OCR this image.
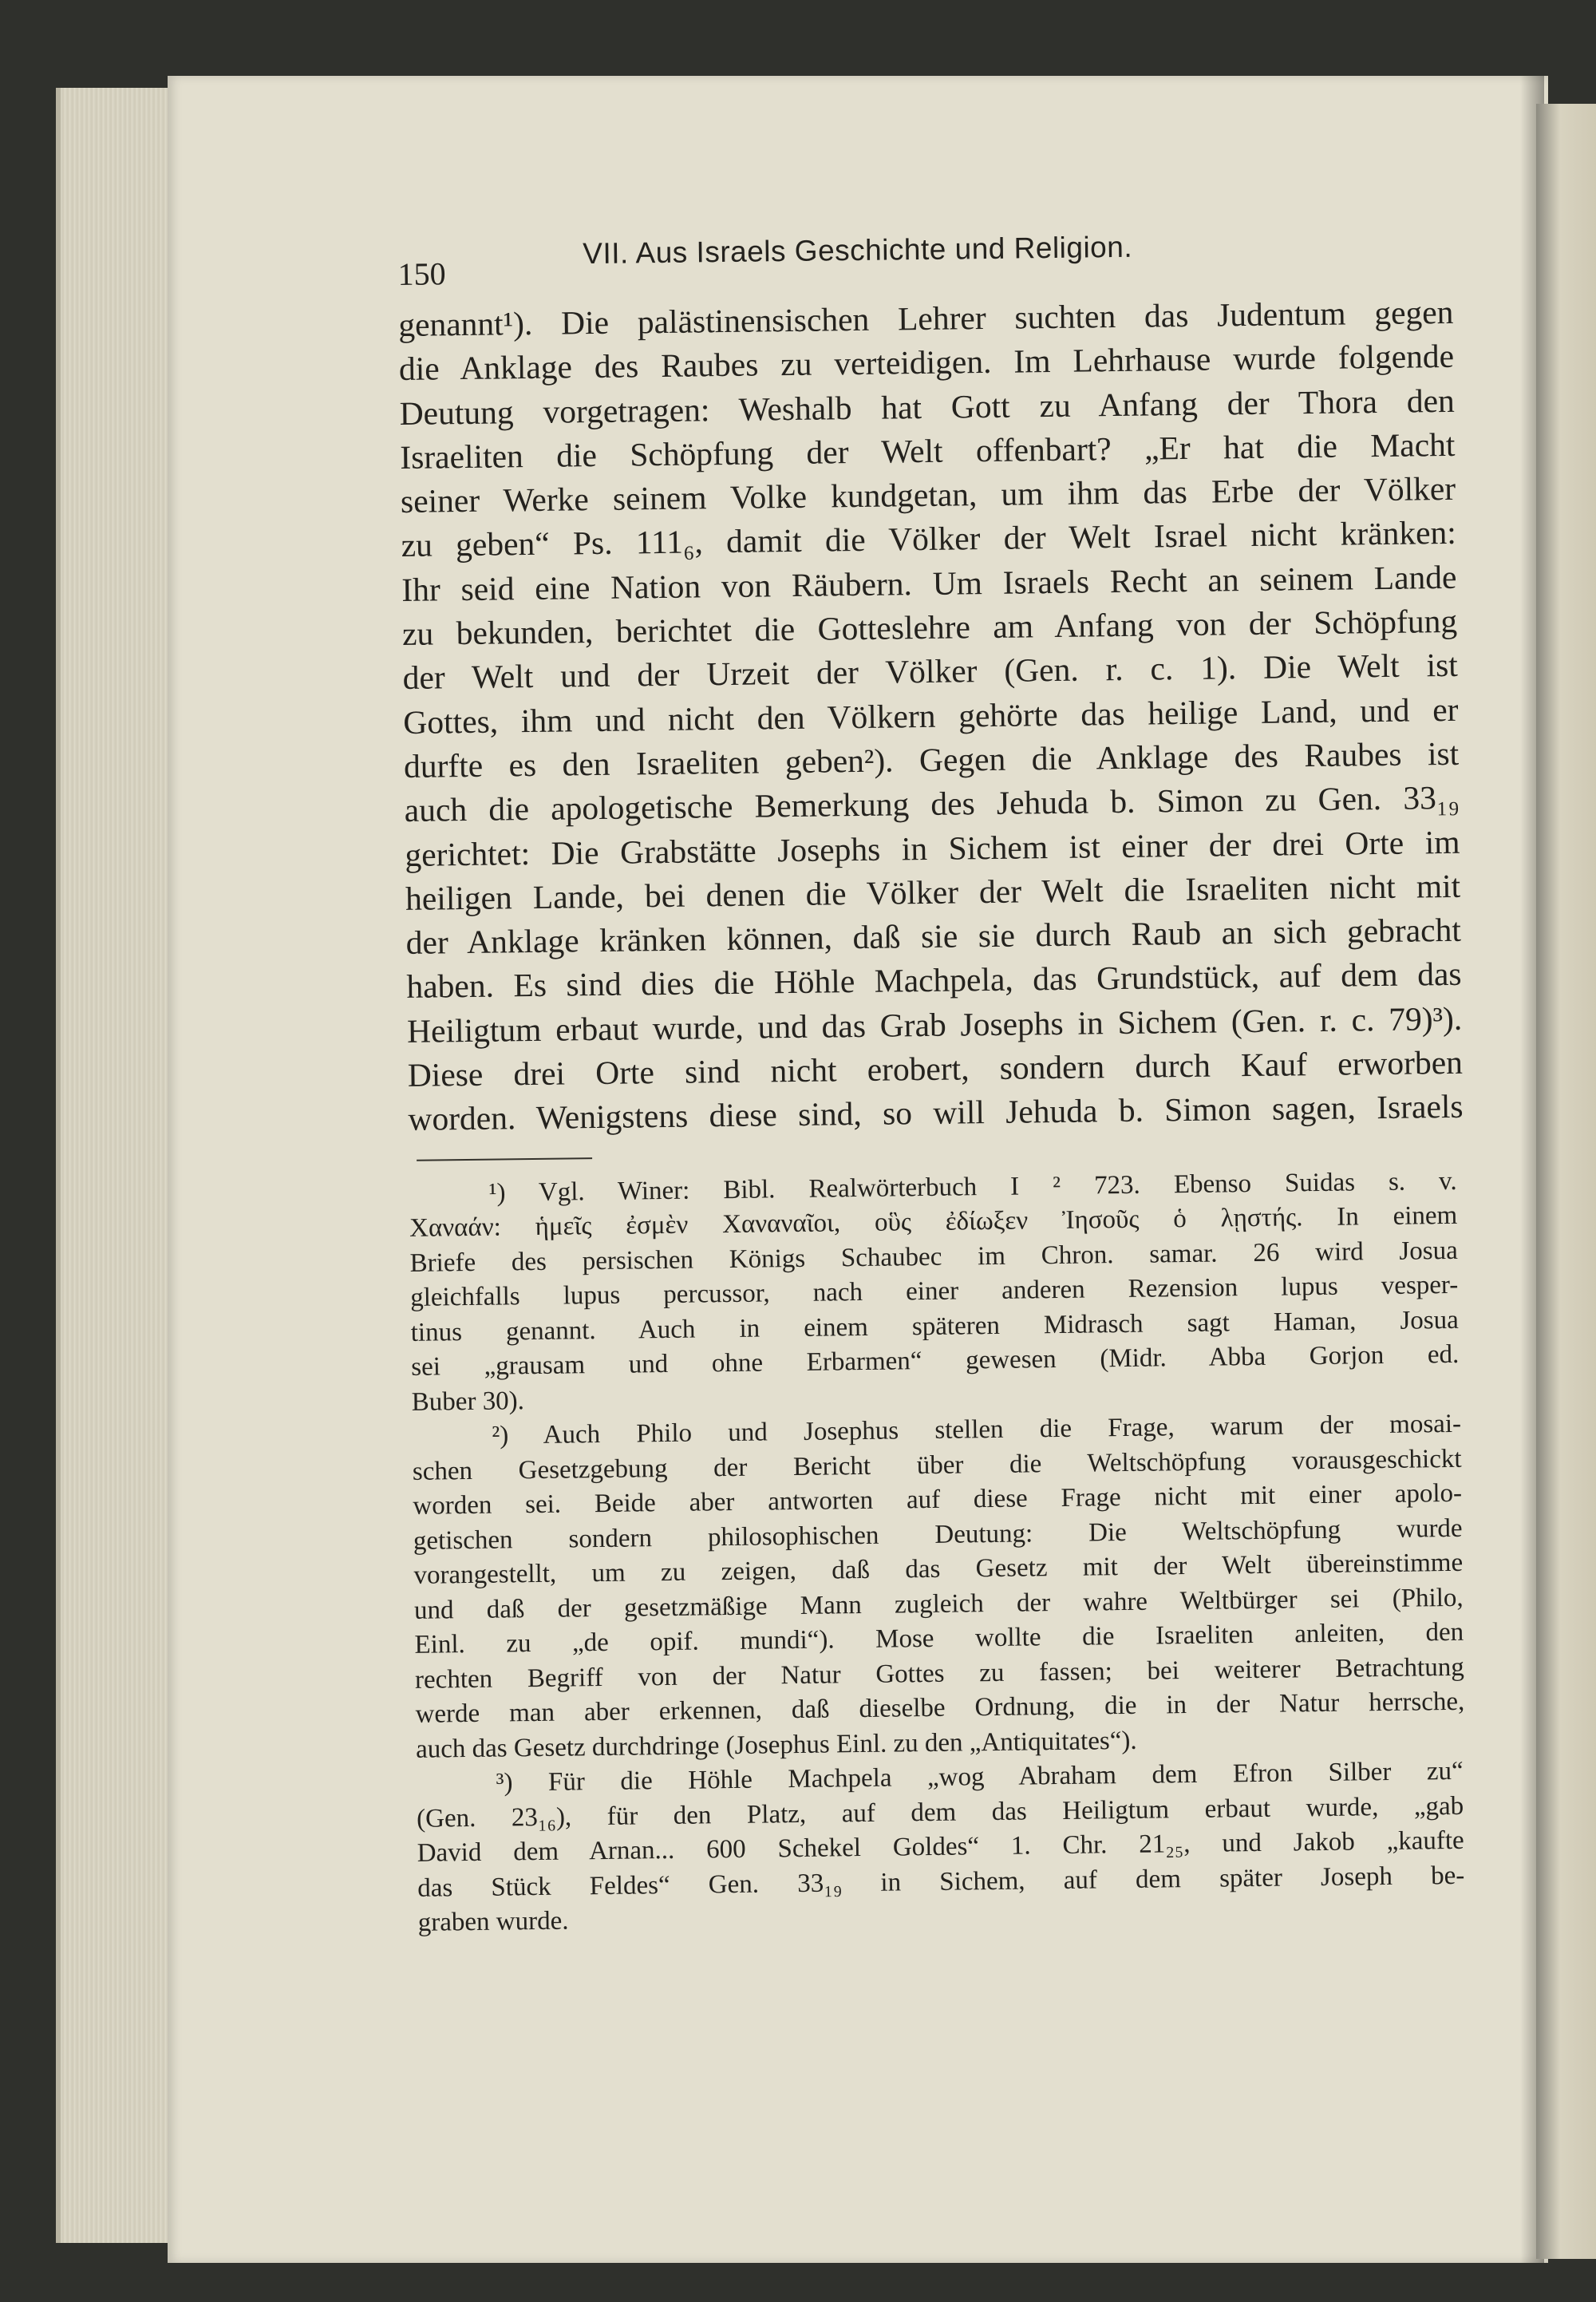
150
VII. Aus Israels Geschichte und Religion.
genannt¹). Die palästinensischen Lehrer suchten das Judentum gegen
die Anklage des Raubes zu verteidigen. Im Lehrhause wurde folgende
Deutung vorgetragen: Weshalb hat Gott zu Anfang der Thora den
Israeliten die Schöpfung der Welt offenbart? „Er hat die Macht
seiner Werke seinem Volke kundgetan, um ihm das Erbe der Völker
zu geben“ Ps. 111₆, damit die Völker der Welt Israel nicht kränken:
Ihr seid eine Nation von Räubern. Um Israels Recht an seinem Lande
zu bekunden, berichtet die Gotteslehre am Anfang von der Schöpfung
der Welt und der Urzeit der Völker (Gen. r. c. 1). Die Welt ist
Gottes, ihm und nicht den Völkern gehörte das heilige Land, und er
durfte es den Israeliten geben²). Gegen die Anklage des Raubes ist
auch die apologetische Bemerkung des Jehuda b. Simon zu Gen. 33₁₉
gerichtet: Die Grabstätte Josephs in Sichem ist einer der drei Orte im
heiligen Lande, bei denen die Völker der Welt die Israeliten nicht mit
der Anklage kränken können, daß sie sie durch Raub an sich gebracht
haben. Es sind dies die Höhle Machpela, das Grundstück, auf dem das
Heiligtum erbaut wurde, und das Grab Josephs in Sichem (Gen. r. c. 79)³).
Diese drei Orte sind nicht erobert, sondern durch Kauf erworben
worden. Wenigstens diese sind, so will Jehuda b. Simon sagen, Israels
¹) Vgl. Winer: Bibl. Realwörterbuch I ² 723. Ebenso Suidas s. v.
Χαναάν: ἡμεῖς ἐσμὲν Χαναναῖοι, οὓς ἐδίωξεν Ἰησοῦς ὁ λῃστής. In einem
Briefe des persischen Königs Schaubec im Chron. samar. 26 wird Josua
gleichfalls lupus percussor, nach einer anderen Rezension lupus vesper-
tinus genannt. Auch in einem späteren Midrasch sagt Haman, Josua
sei „grausam und ohne Erbarmen“ gewesen (Midr. Abba Gorjon ed.
Buber 30).
²) Auch Philo und Josephus stellen die Frage, warum der mosai-
schen Gesetzgebung der Bericht über die Weltschöpfung vorausgeschickt
worden sei. Beide aber antworten auf diese Frage nicht mit einer apolo-
getischen sondern philosophischen Deutung: Die Weltschöpfung wurde
vorangestellt, um zu zeigen, daß das Gesetz mit der Welt übereinstimme
und daß der gesetzmäßige Mann zugleich der wahre Weltbürger sei (Philo,
Einl. zu „de opif. mundi“). Mose wollte die Israeliten anleiten, den
rechten Begriff von der Natur Gottes zu fassen; bei weiterer Betrachtung
werde man aber erkennen, daß dieselbe Ordnung, die in der Natur herrsche,
auch das Gesetz durchdringe (Josephus Einl. zu den „Antiquitates“).
³) Für die Höhle Machpela „wog Abraham dem Efron Silber zu“
(Gen. 23₁₆), für den Platz, auf dem das Heiligtum erbaut wurde, „gab
David dem Arnan... 600 Schekel Goldes“ 1. Chr. 21₂₅, und Jakob „kaufte
das Stück Feldes“ Gen. 33₁₉ in Sichem, auf dem später Joseph be-
graben wurde.
